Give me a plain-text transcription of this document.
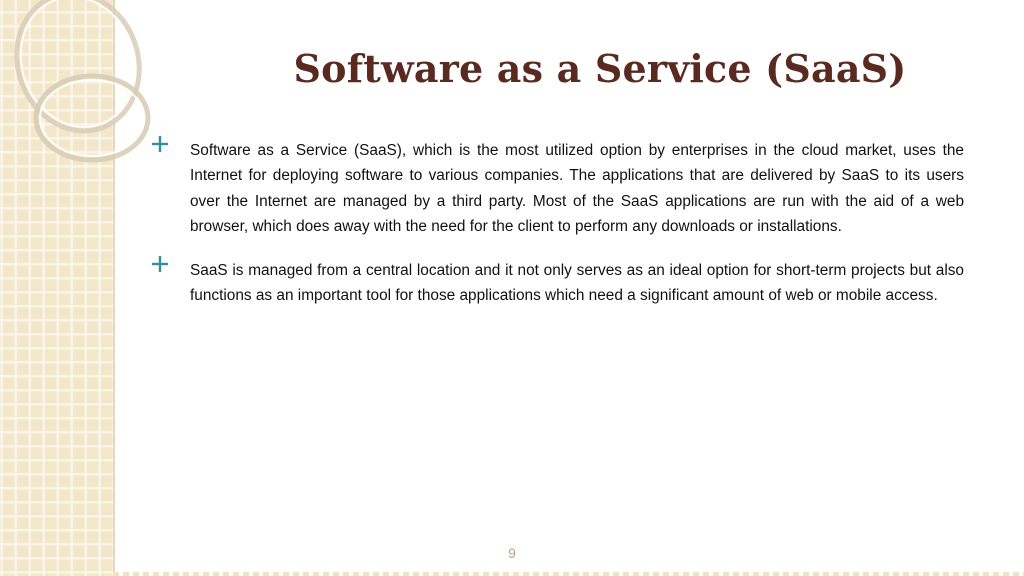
Software as a Service (SaaS)

Software as a Service (SaaS), which is the most utilized option by enterprises in the cloud market, uses the Internet for deploying software to various companies. The applications that are delivered by SaaS to its users over the Internet are managed by a third party. Most of the SaaS applications are run with the aid of a web browser, which does away with the need for the client to perform any downloads or installations.

SaaS is managed from a central location and it not only serves as an ideal option for short-term projects but also functions as an important tool for those applications which need a significant amount of web or mobile access.

9
